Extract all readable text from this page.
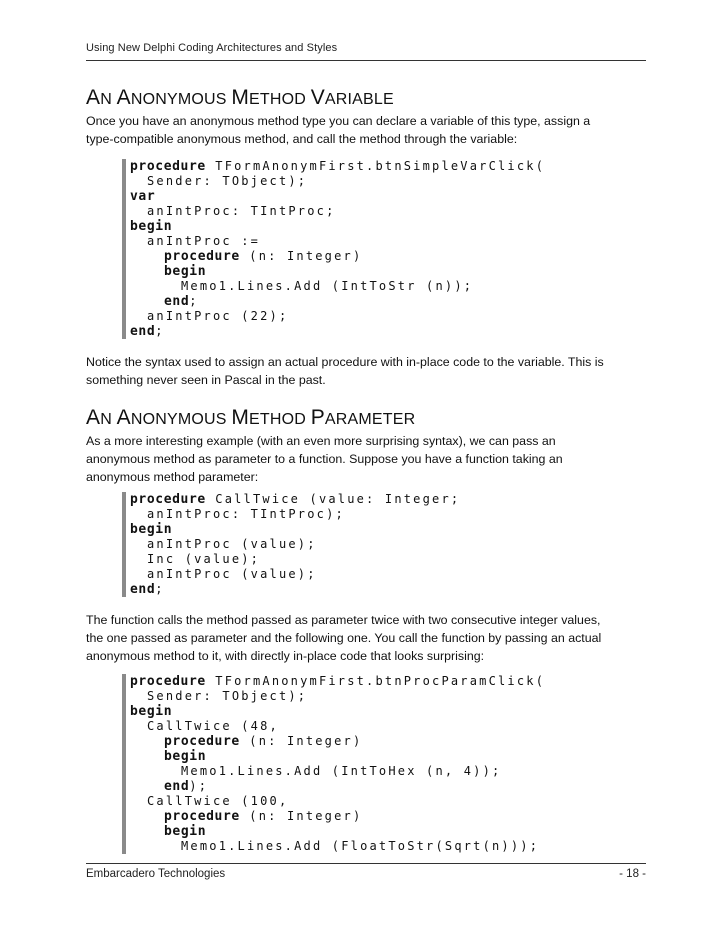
Using New Delphi Coding Architectures and Styles
AN ANONYMOUS METHOD VARIABLE
Once you have an anonymous method type you can declare a variable of this type, assign a
type-compatible anonymous method, and call the method through the variable:
procedure TFormAnonymFirst.btnSimpleVarClick(
Sender: TObject);
var
anIntProc: TIntProc;
begin
anIntProc :=
procedure (n: Integer)
begin
Memo1.Lines.Add (IntToStr (n));
end;
anIntProc (22);
end;
Notice the syntax used to assign an actual procedure with in-place code to the variable. This is
something never seen in Pascal in the past.
AN ANONYMOUS METHOD PARAMETER
As a more interesting example (with an even more surprising syntax), we can pass an
anonymous method as parameter to a function. Suppose you have a function taking an
anonymous method parameter:
procedure CallTwice (value: Integer;
anIntProc: TIntProc);
begin
anIntProc (value);
Inc (value);
anIntProc (value);
end;
The function calls the method passed as parameter twice with two consecutive integer values,
the one passed as parameter and the following one. You call the function by passing an actual
anonymous method to it, with directly in-place code that looks surprising:
procedure TFormAnonymFirst.btnProcParamClick(
Sender: TObject);
begin
CallTwice (48,
procedure (n: Integer)
begin
Memo1.Lines.Add (IntToHex (n, 4));
end);
CallTwice (100,
procedure (n: Integer)
begin
Memo1.Lines.Add (FloatToStr(Sqrt(n)));
Embarcadero Technologies	- 18 -
